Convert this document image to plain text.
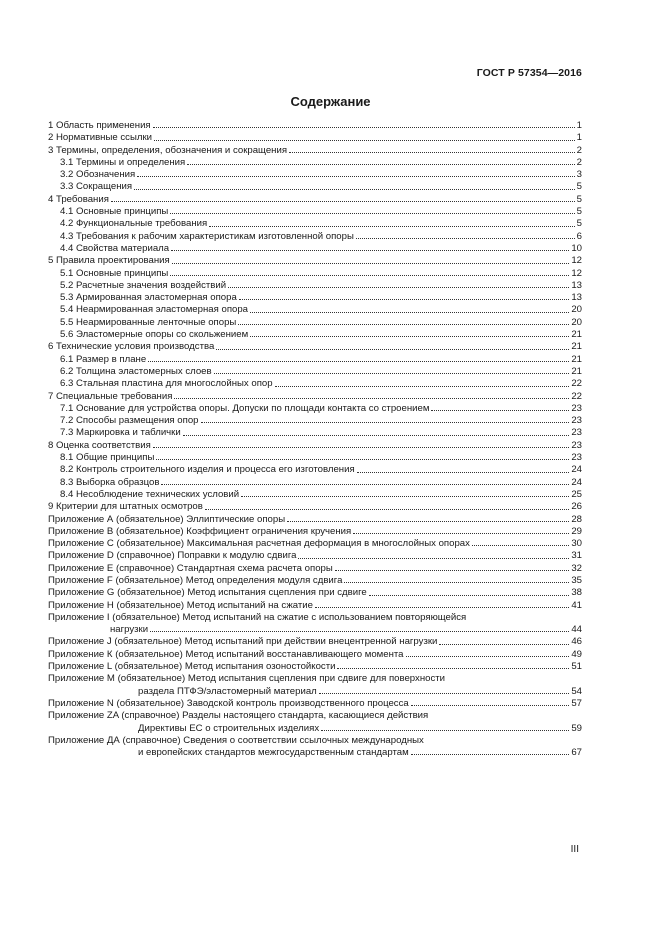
ГОСТ Р 57354—2016
Содержание
1 Область применения	1
2 Нормативные ссылки	1
3 Термины, определения, обозначения и сокращения	2
3.1 Термины и определения	2
3.2 Обозначения	3
3.3 Сокращения	5
4 Требования	5
4.1 Основные принципы	5
4.2 Функциональные требования	5
4.3 Требования к рабочим характеристикам изготовленной опоры	6
4.4 Свойства материала	10
5 Правила проектирования	12
5.1 Основные принципы	12
5.2 Расчетные значения воздействий	13
5.3 Армированная эластомерная опора	13
5.4 Неармированная эластомерная опора	20
5.5 Неармированные ленточные опоры	20
5.6 Эластомерные опоры со скольжением	21
6 Технические условия производства	21
6.1 Размер в плане	21
6.2 Толщина эластомерных слоев	21
6.3 Стальная пластина для многослойных опор	22
7 Специальные требования	22
7.1 Основание для устройства опоры. Допуски по площади контакта со строением	23
7.2 Способы размещения опор	23
7.3 Маркировка и таблички	23
8 Оценка соответствия	23
8.1 Общие принципы	23
8.2 Контроль строительного изделия и процесса его изготовления	24
8.3 Выборка образцов	24
8.4 Несоблюдение технических условий	25
9 Критерии для штатных осмотров	26
Приложение А (обязательное) Эллиптические опоры	28
Приложение В (обязательное) Коэффициент ограничения кручения	29
Приложение С (обязательное) Максимальная расчетная деформация в многослойных опорах	30
Приложение D (справочное) Поправки к модулю сдвига	31
Приложение Е (справочное) Стандартная схема расчета опоры	32
Приложение F (обязательное) Метод определения модуля сдвига	35
Приложение G (обязательное) Метод испытания сцепления при сдвиге	38
Приложение Н (обязательное) Метод испытаний на сжатие	41
Приложение I (обязательное) Метод испытаний на сжатие с использованием повторяющейся
нагрузки	44
Приложение J (обязательное) Метод испытаний при действии внецентренной нагрузки	46
Приложение К (обязательное) Метод испытаний восстанавливающего момента	49
Приложение L (обязательное) Метод испытания озоностойкости	51
Приложение М (обязательное) Метод испытания сцепления при сдвиге для поверхности
раздела ПТФЭ/эластомерный материал	54
Приложение N (обязательное) Заводской контроль производственного процесса	57
Приложение ZA (справочное) Разделы настоящего стандарта, касающиеся действия
Директивы ЕС о строительных изделиях	59
Приложение ДА (справочное) Сведения о соответствии ссылочных международных
и европейских стандартов межгосударственным стандартам	67
III
